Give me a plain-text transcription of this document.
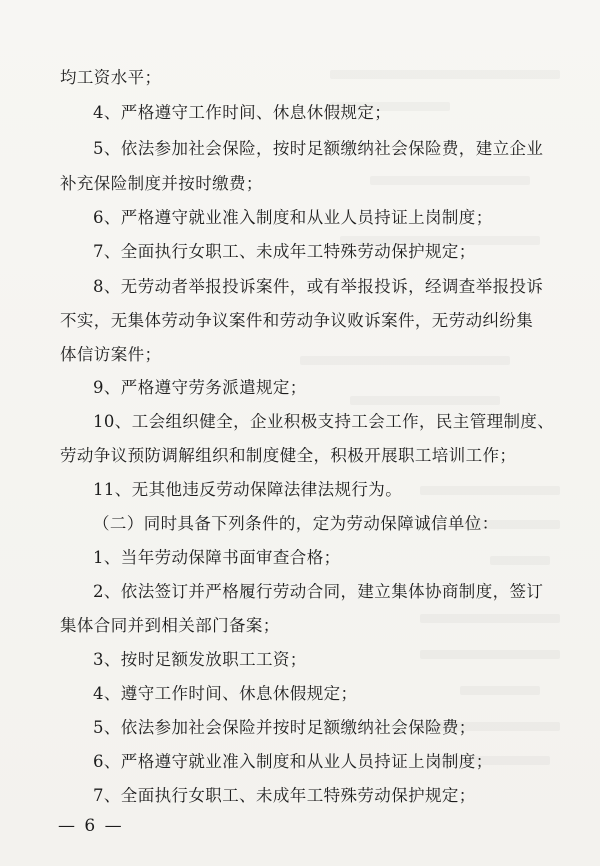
均工资水平；
4、严格遵守工作时间、休息休假规定；
5、依法参加社会保险，按时足额缴纳社会保险费，建立企业
补充保险制度并按时缴费；
6、严格遵守就业准入制度和从业人员持证上岗制度；
7、全面执行女职工、未成年工特殊劳动保护规定；
8、无劳动者举报投诉案件，或有举报投诉，经调查举报投诉
不实，无集体劳动争议案件和劳动争议败诉案件，无劳动纠纷集
体信访案件；
9、严格遵守劳务派遣规定；
10、工会组织健全，企业积极支持工会工作，民主管理制度、
劳动争议预防调解组织和制度健全，积极开展职工培训工作；
11、无其他违反劳动保障法律法规行为。
（二）同时具备下列条件的，定为劳动保障诚信单位：
1、当年劳动保障书面审查合格；
2、依法签订并严格履行劳动合同，建立集体协商制度，签订
集体合同并到相关部门备案；
3、按时足额发放职工工资；
4、遵守工作时间、休息休假规定；
5、依法参加社会保险并按时足额缴纳社会保险费；
6、严格遵守就业准入制度和从业人员持证上岗制度；
7、全面执行女职工、未成年工特殊劳动保护规定；
— 6 —
